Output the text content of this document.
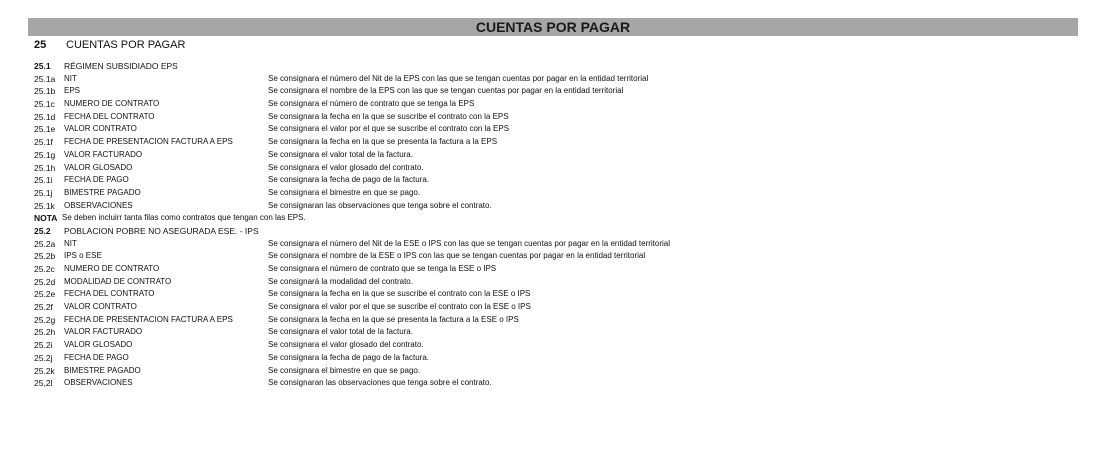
CUENTAS POR PAGAR
25 CUENTAS POR PAGAR
25.1 RÉGIMEN SUBSIDIADO EPS
25.1a NIT	Se consignara el número del Nit de la EPS con las que se tengan cuentas por pagar en la entidad territorial
25.1b EPS	Se consignara el nombre de la EPS con las que se tengan cuentas por pagar en la entidad territorial
25.1c NUMERO DE CONTRATO	Se consignara el número de contrato que se tenga la EPS
25.1d FECHA DEL CONTRATO	Se consignara la fecha en la que se suscribe el contrato con la EPS
25.1e VALOR CONTRATO	Se consignara el valor por el que se suscribe el contrato con la EPS
25.1f FECHA DE PRESENTACION FACTURA A EPS	Se consignara la fecha en la que se presenta la factura a la EPS
25.1g VALOR FACTURADO	Se consignara el valor total de la factura.
25.1h VALOR GLOSADO	Se consignara el valor glosado del contrato.
25.1i FECHA DE PAGO	Se consignara la fecha de pago de la factura.
25.1j BIMESTRE PAGADO	Se consignara el bimestre en que se pago.
25.1k OBSERVACIONES	Se consignaran las observaciones que tenga sobre el contrato.
NOTA Se deben incluirr tanta filas como contratos que tengan con las EPS.
25.2 POBLACION POBRE NO ASEGURADA ESE. - IPS
25.2a NIT	Se consignara el número del Nit de la ESE o IPS con las que se tengan cuentas por pagar en la entidad territorial
25.2b IPS o ESE	Se consignara el nombre de la ESE o IPS con las que se tengan cuentas por pagar en la entidad territorial
25.2c NUMERO DE CONTRATO	Se consignara el número de contrato que se tenga la ESE o IPS
25.2d MODALIDAD DE CONTRATO	Se consignará la modalidad del contrato.
25.2e FECHA DEL CONTRATO	Se consignara la fecha en la que se suscribe el contrato con la ESE o IPS
25.2f VALOR CONTRATO	Se consignara el valor por el que se suscribe el contrato con la ESE o IPS
25.2g FECHA DE PRESENTACION FACTURA A EPS	Se consignara la fecha en la que se presenta la factura a la ESE o IPS
25.2h VALOR FACTURADO	Se consignara el valor total de la factura.
25.2i VALOR GLOSADO	Se consignara el valor glosado del contrato.
25.2j FECHA DE PAGO	Se consignara la fecha de pago de la factura.
25.2k BIMESTRE PAGADO	Se consignara el bimestre en que se pago.
25,2l OBSERVACIONES	Se consignaran las observaciones que tenga sobre el contrato.
